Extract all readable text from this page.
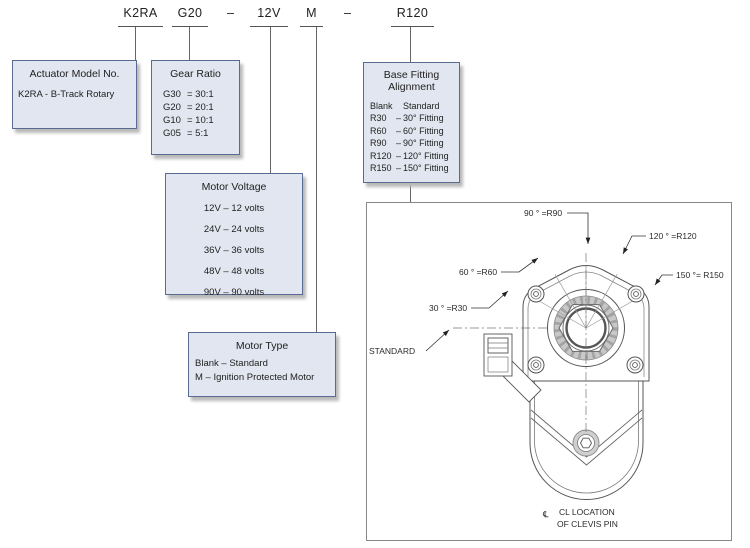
K2RA	G20	–	12V	M	–	R120
Actuator Model No.
K2RA - B-Track Rotary
Gear Ratio
G30 = 30:1
G20 = 20:1
G10 = 10:1
G05 = 5:1
Motor Voltage
12V – 12 volts
24V – 24 volts
36V – 36 volts
48V – 48 volts
90V – 90 volts
Motor Type
Blank – Standard
M – Ignition Protected Motor
Base Fitting
Alignment
Blank Standard
R30 – 30° Fitting
R60 – 60° Fitting
R90 – 90° Fitting
R120 – 120° Fitting
R150 – 150° Fitting
90 ° =R90
120 ° =R120
60 ° =R60	150 °= R150
30 ° =R30
STANDARD
℄ CL LOCATION
OF CLEVIS PIN
